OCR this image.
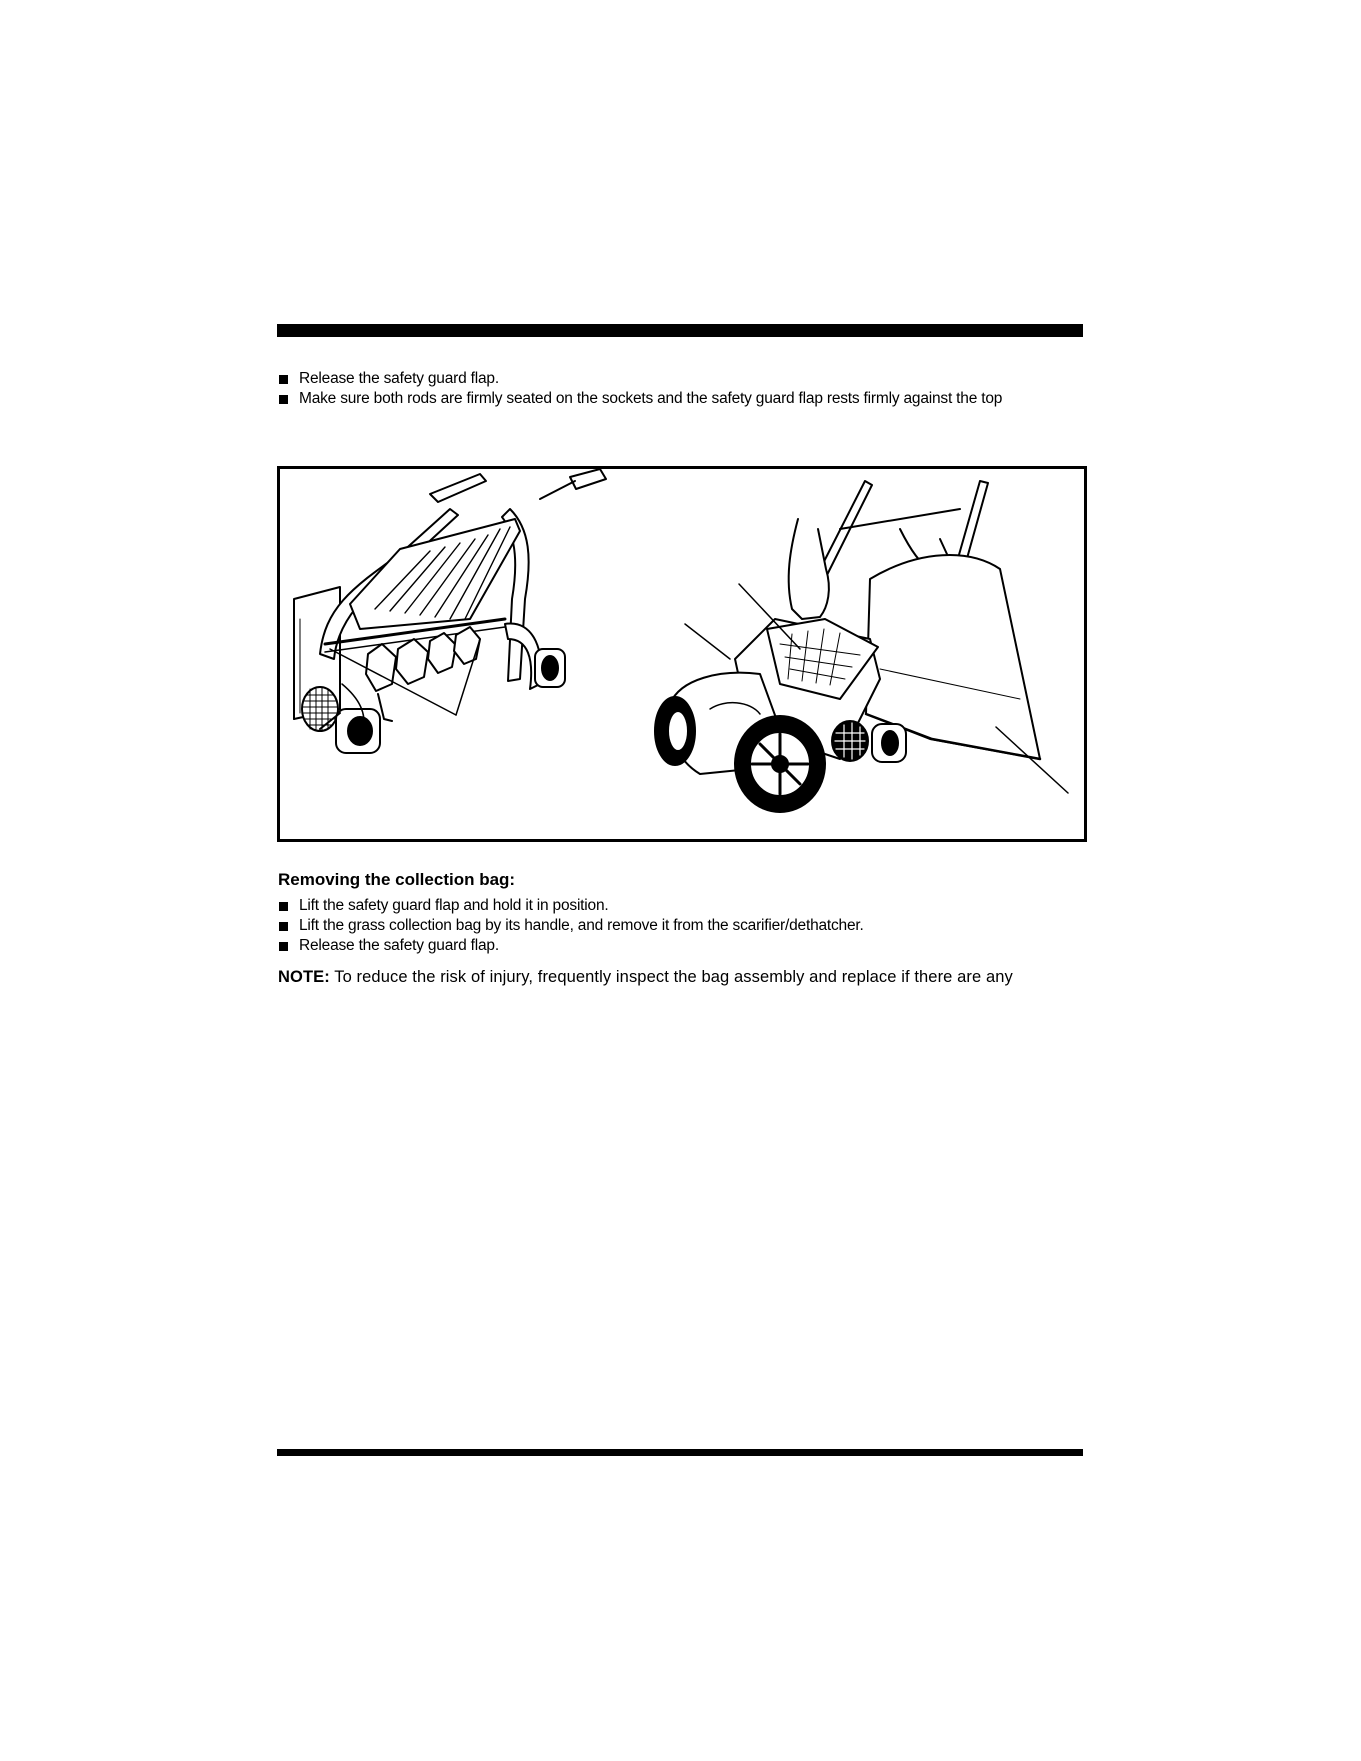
Release the safety guard flap.
Make sure both rods are firmly seated on the sockets and the safety guard flap rests firmly against the top
Removing the collection bag:
Lift the safety guard flap and hold it in position.
Lift the grass collection bag by its handle, and remove it from the scarifier/dethatcher.
Release the safety guard flap.
NOTE: To reduce the risk of injury, frequently inspect the bag assembly and replace if there are any
